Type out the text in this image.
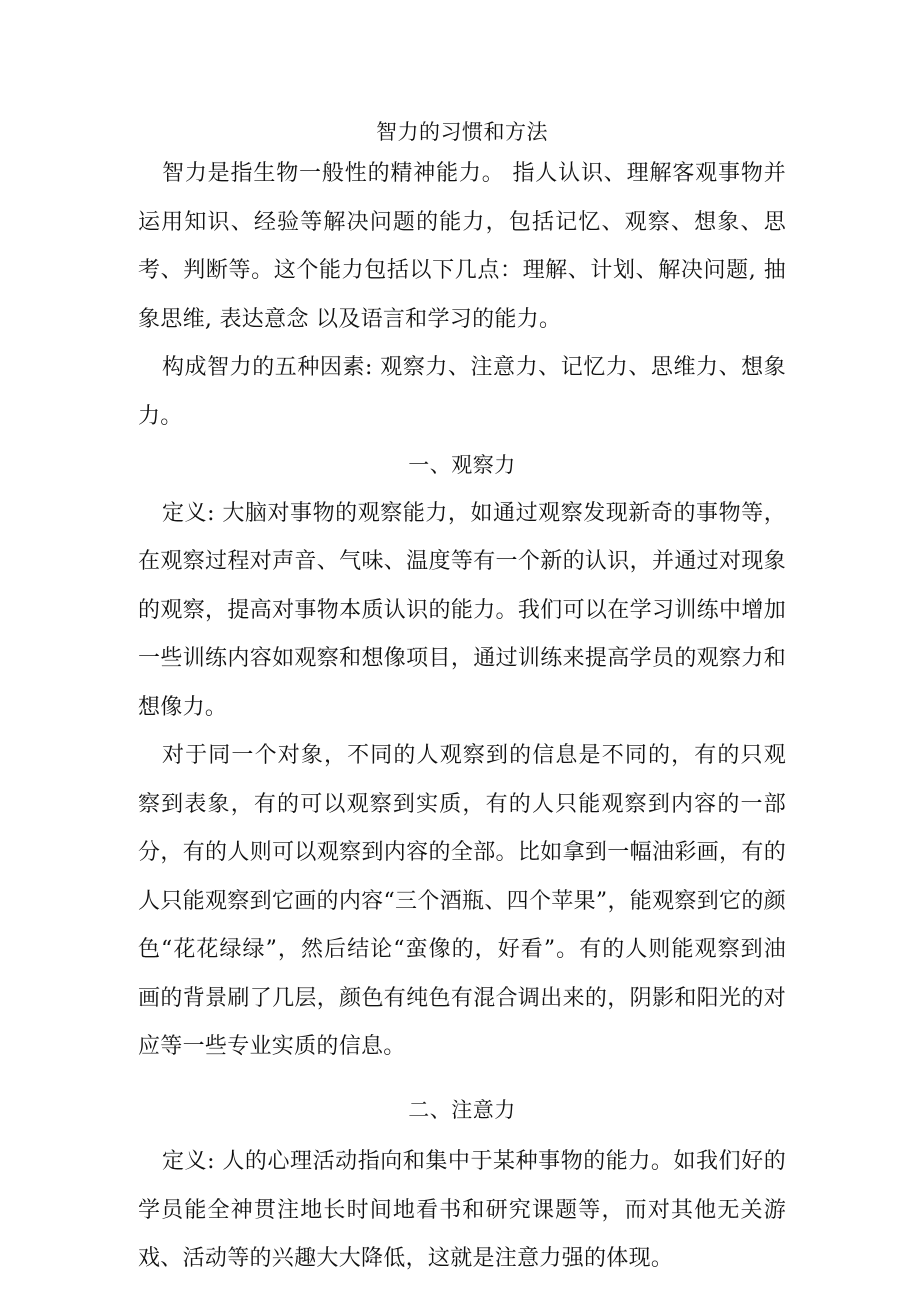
智力的习惯和方法

智力是指生物一般性的精神能力。 指人认识、理解客观事物并运用知识、经验等解决问题的能力，包括记忆、观察、想象、思考、判断等。这个能力包括以下几点：理解、计划、解决问题, 抽象思维, 表达意念 以及语言和学习的能力。

构成智力的五种因素: 观察力、注意力、记忆力、思维力、想象力。

一、观察力

定义: 大脑对事物的观察能力，如通过观察发现新奇的事物等，在观察过程对声音、气味、温度等有一个新的认识，并通过对现象的观察，提高对事物本质认识的能力。我们可以在学习训练中增加一些训练内容如观察和想像项目，通过训练来提高学员的观察力和想像力。

对于同一个对象，不同的人观察到的信息是不同的，有的只观察到表象，有的可以观察到实质，有的人只能观察到内容的一部分，有的人则可以观察到内容的全部。比如拿到一幅油彩画，有的人只能观察到它画的内容“三个酒瓶、四个苹果”，能观察到它的颜色“花花绿绿”，然后结论“蛮像的，好看”。有的人则能观察到油画的背景刷了几层，颜色有纯色有混合调出来的，阴影和阳光的对应等一些专业实质的信息。

二、注意力

定义: 人的心理活动指向和集中于某种事物的能力。如我们好的学员能全神贯注地长时间地看书和研究课题等，而对其他无关游戏、活动等的兴趣大大降低，这就是注意力强的体现。
